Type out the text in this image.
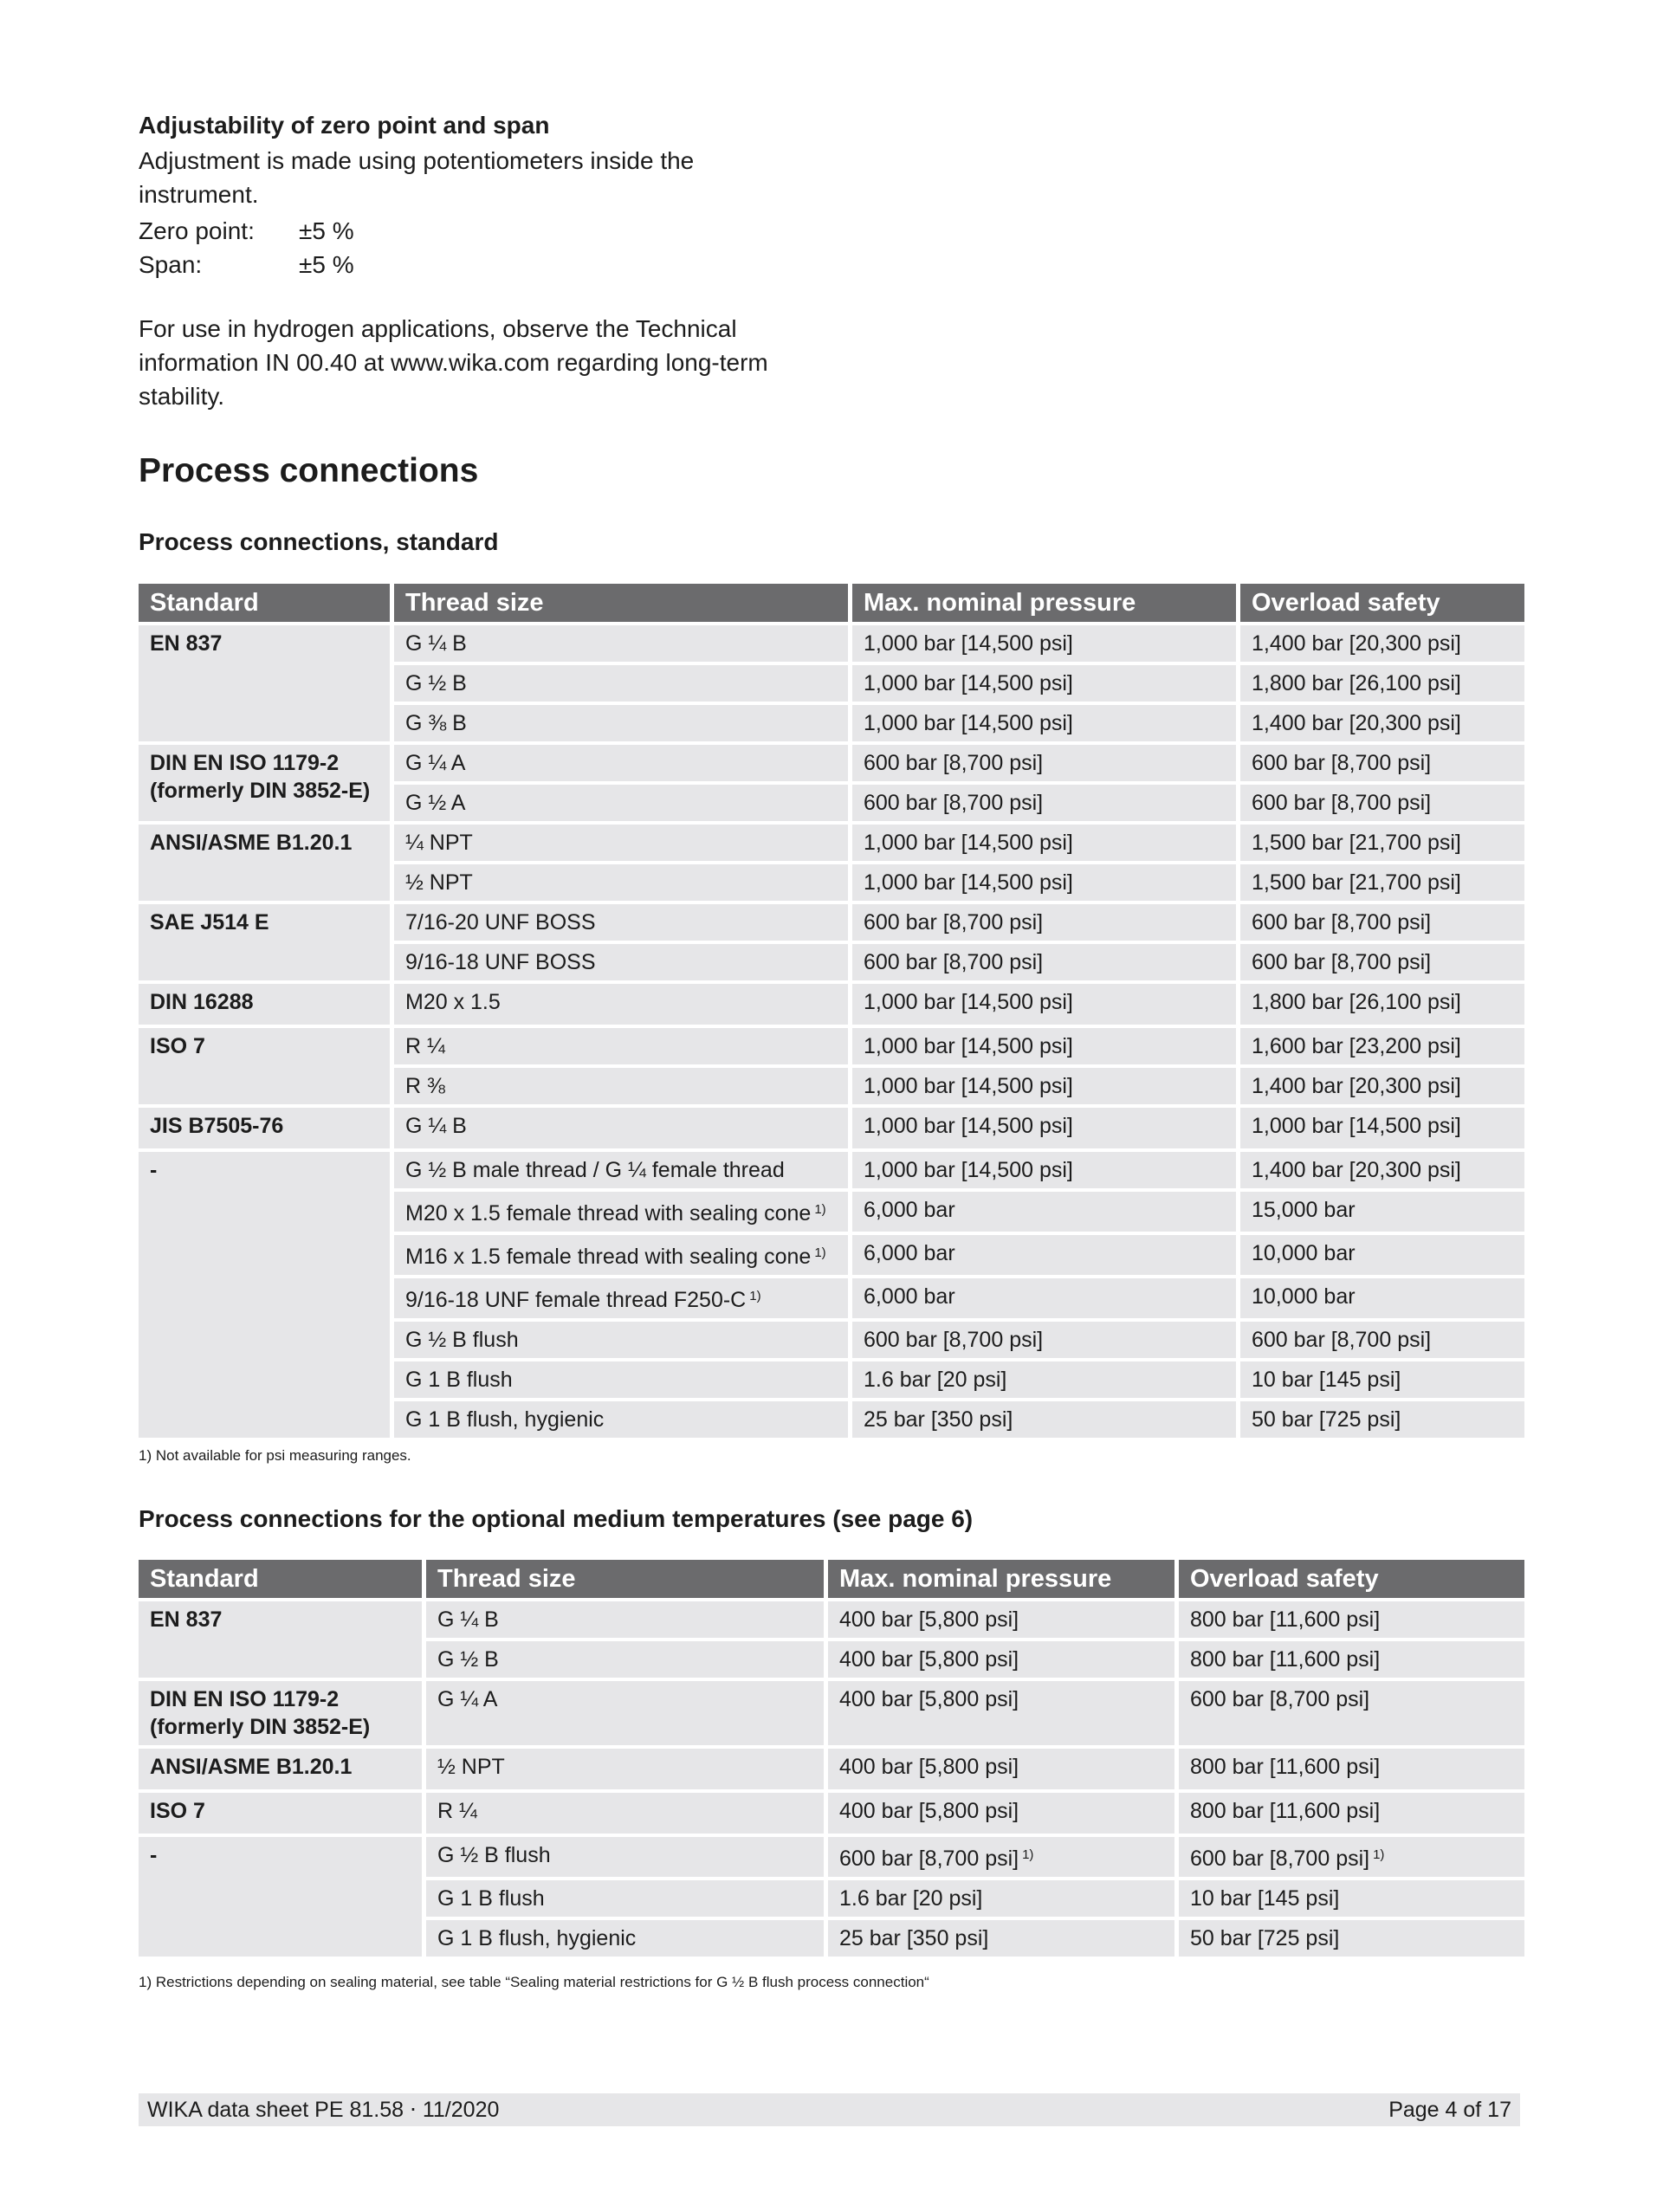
Adjustability of zero point and span
Adjustment is made using potentiometers inside the
instrument.
Zero point: ±5 %
Span:	±5 %
For use in hydrogen applications, observe the Technical
information IN 00.40 at www.wika.com regarding long-term
stability.
Process connections
Process connections, standard
Standard	Thread size	Max. nominal pressure	Overload safety
EN 837	G ¼ B	1,000 bar [14,500 psi]	1,400 bar [20,300 psi]
	G ½ B	1,000 bar [14,500 psi]	1,800 bar [26,100 psi]
	G ⅜ B	1,000 bar [14,500 psi]	1,400 bar [20,300 psi]

DIN EN ISO 1179-2
(formerly DIN 3852-E)	G ¼ A	600 bar [8,700 psi]	600 bar [8,700 psi]
	G ½ A	600 bar [8,700 psi]	600 bar [8,700 psi]
ANSI/ASME B1.20.1	¼ NPT	1,000 bar [14,500 psi]	1,500 bar [21,700 psi]
	½ NPT	1,000 bar [14,500 psi]	1,500 bar [21,700 psi]
SAE J514 E	7/16-20 UNF BOSS	600 bar [8,700 psi]	600 bar [8,700 psi]
	9/16-18 UNF BOSS	600 bar [8,700 psi]	600 bar [8,700 psi]
DIN 16288	M20 x 1.5	1,000 bar [14,500 psi]	1,800 bar [26,100 psi]
ISO 7	R ¼	1,000 bar [14,500 psi]	1,600 bar [23,200 psi]
	R ⅜	1,000 bar [14,500 psi]	1,400 bar [20,300 psi]
JIS B7505-76	G ¼ B	1,000 bar [14,500 psi]	1,000 bar [14,500 psi]
-	G ½ B male thread / G ¼ female thread	1,000 bar [14,500 psi]	1,400 bar [20,300 psi]
	M20 x 1.5 female thread with sealing cone $^{1)}$	6,000 bar	15,000 bar
	M16 x 1.5 female thread with sealing cone $^{1)}$	6,000 bar	10,000 bar
	9/16-18 UNF female thread F250-C $^{1)}$	6,000 bar	10,000 bar
	G ½ B flush	600 bar [8,700 psi]	600 bar [8,700 psi]
	G 1 B flush	1.6 bar [20 psi]	10 bar [145 psi]
	G 1 B flush, hygienic	25 bar [350 psi]	50 bar [725 psi]
1) Not available for psi measuring ranges.
Process connections for the optional medium temperatures (see page 6)
Standard	Thread size	Max. nominal pressure	Overload safety
EN 837	G ¼ B	400 bar [5,800 psi]	800 bar [11,600 psi]
	G ½ B	400 bar [5,800 psi]	800 bar [11,600 psi]

DIN EN ISO 1179-2
(formerly DIN 3852-E)	G ¼ A	400 bar [5,800 psi]	600 bar [8,700 psi]
ANSI/ASME B1.20.1	½ NPT	400 bar [5,800 psi]	800 bar [11,600 psi]
ISO 7	R ¼	400 bar [5,800 psi]	800 bar [11,600 psi]
-	G ½ B flush	600 bar [8,700 psi] $^{1)}$	600 bar [8,700 psi] $^{1)}$
	G 1 B flush	1.6 bar [20 psi]	10 bar [145 psi]
	G 1 B flush, hygienic	25 bar [350 psi]	50 bar [725 psi]
1) Restrictions depending on sealing material, see table “Sealing material restrictions for G ½ B flush process connection“
WIKA data sheet PE 81.58 ⋅ 11/2020	Page 4 of 17
